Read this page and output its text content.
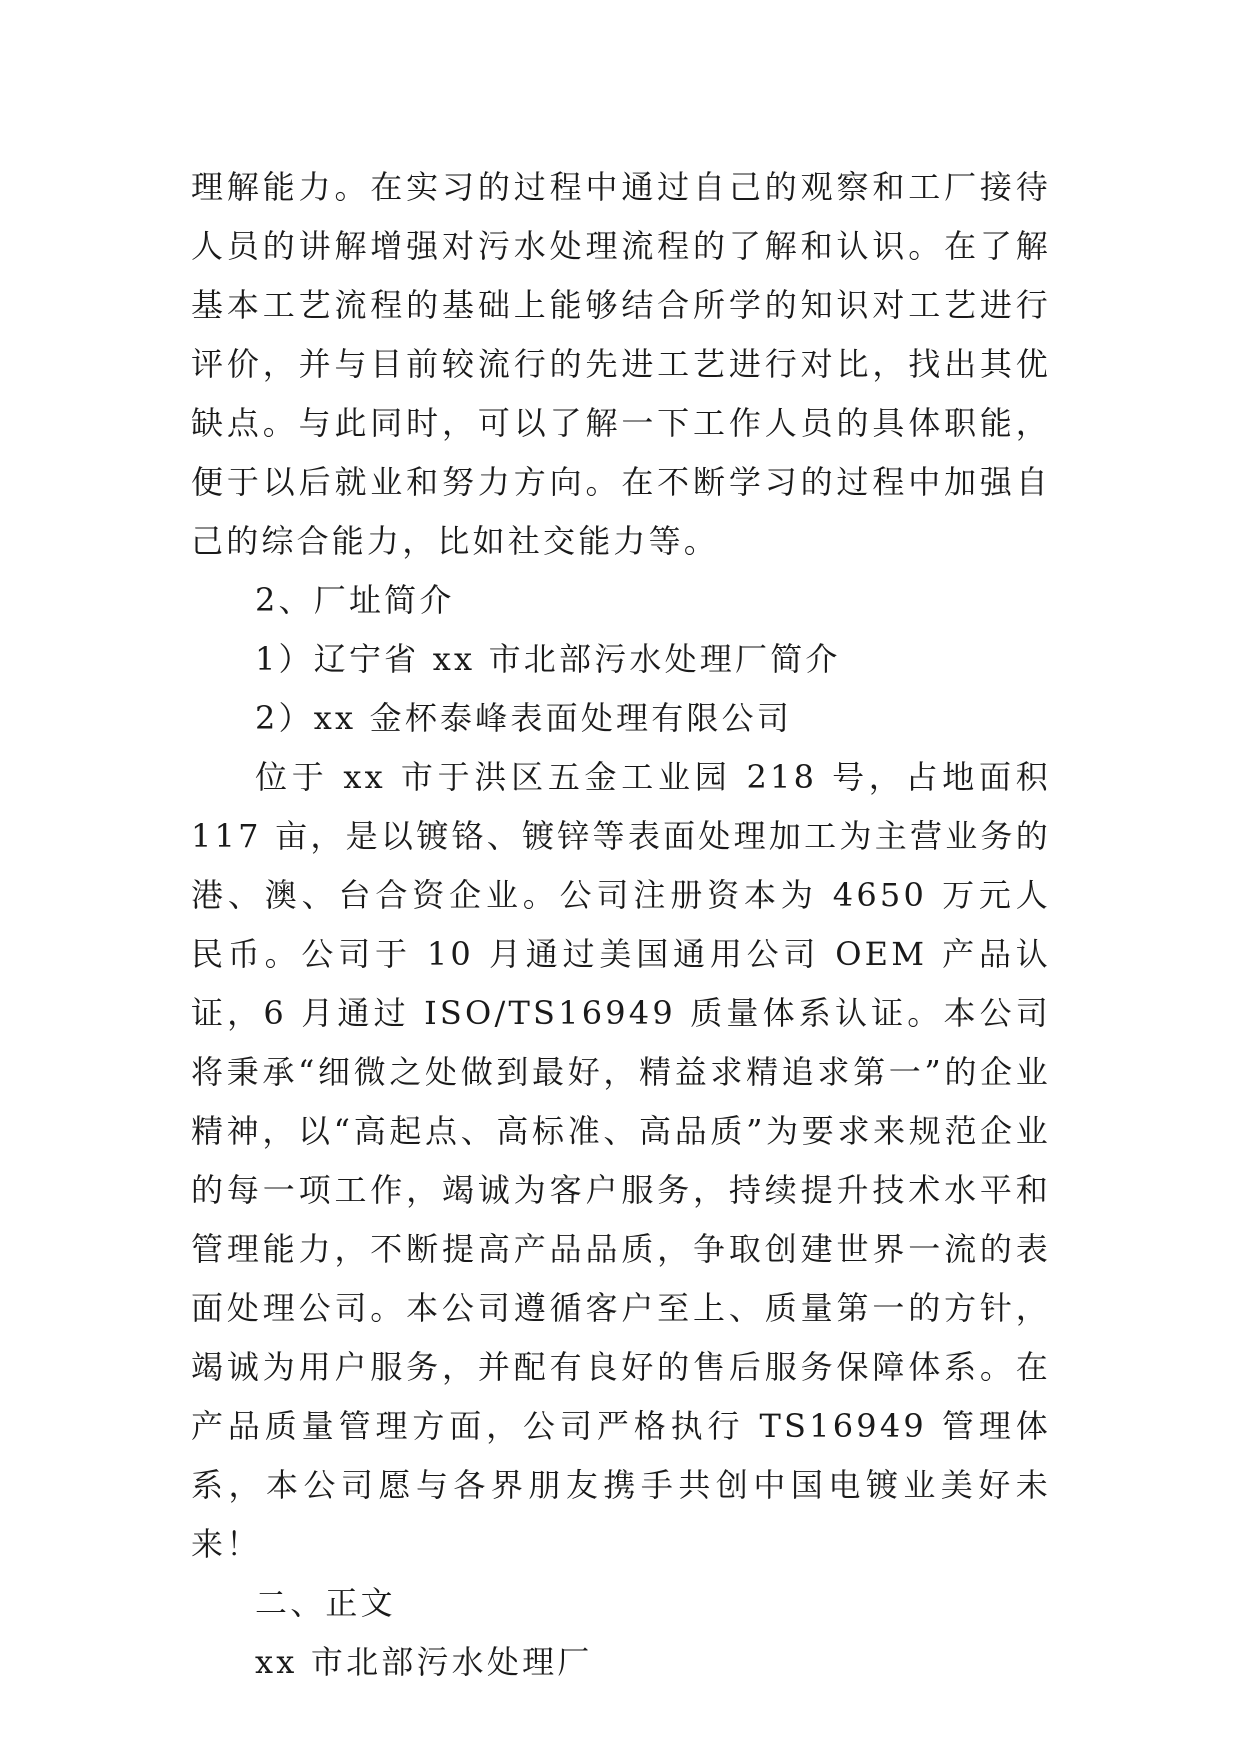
理解能力。在实习的过程中通过自己的观察和工厂接待人员的讲解增强对污水处理流程的了解和认识。在了解基本工艺流程的基础上能够结合所学的知识对工艺进行评价，并与目前较流行的先进工艺进行对比，找出其优缺点。与此同时，可以了解一下工作人员的具体职能，便于以后就业和努力方向。在不断学习的过程中加强自己的综合能力，比如社交能力等。

2、厂址简介

1）辽宁省 xx 市北部污水处理厂简介

2）xx 金杯泰峰表面处理有限公司

位于 xx 市于洪区五金工业园 218 号，占地面积 117 亩，是以镀铬、镀锌等表面处理加工为主营业务的港、澳、台合资企业。公司注册资本为 4650 万元人民币。公司于 10 月通过美国通用公司 OEM 产品认证，6 月通过 ISO/TS16949 质量体系认证。本公司将秉承“细微之处做到最好，精益求精追求第一”的企业精神，以“高起点、高标准、高品质”为要求来规范企业的每一项工作，竭诚为客户服务，持续提升技术水平和管理能力，不断提高产品品质，争取创建世界一流的表面处理公司。本公司遵循客户至上、质量第一的方针，竭诚为用户服务，并配有良好的售后服务保障体系。在产品质量管理方面，公司严格执行 TS16949 管理体系，本公司愿与各界朋友携手共创中国电镀业美好未来！

二、正文

xx 市北部污水处理厂
